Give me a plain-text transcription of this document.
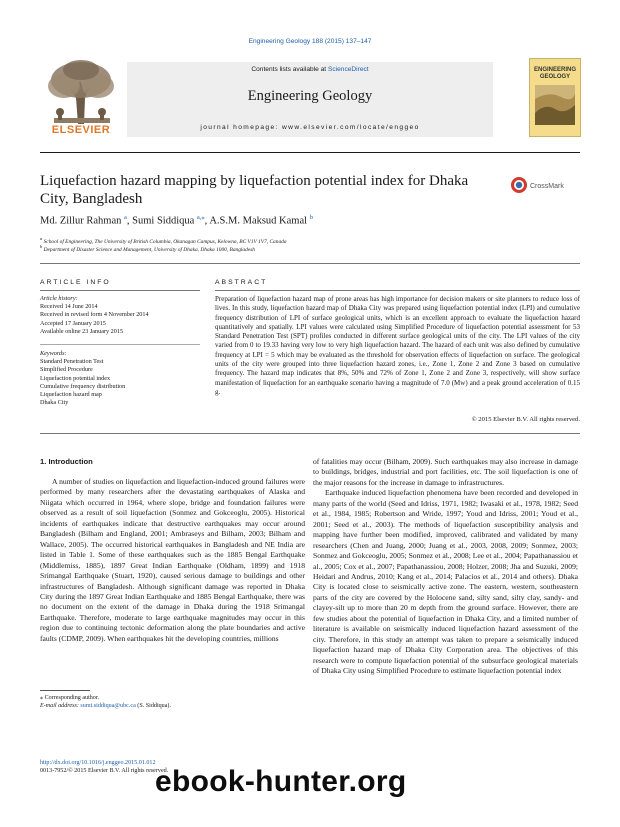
Engineering Geology 188 (2015) 137–147
ELSEVIER
Contents lists available at ScienceDirect
Engineering Geology
journal homepage: www.elsevier.com/locate/enggeo
ENGINEERING GEOLOGY
Liquefaction hazard mapping by liquefaction potential index for Dhaka City, Bangladesh
CrossMark
Md. Zillur Rahman $^a$, Sumi Siddiqua $^{a,⁎}$, A.S.M. Maksud Kamal $^b$
$^a$ School of Engineering, The University of British Columbia, Okanagan Campus, Kelowna, BC V1V 1V7, Canada
$^b$ Department of Disaster Science and Management, University of Dhaka, Dhaka 1000, Bangladesh
ARTICLE INFO	ABSTRACT
Article history:
Received 14 June 2014
Received in revised form 4 November 2014
Accepted 17 January 2015
Available online 23 January 2015
Keywords:
Standard Penetration Test
Simplified Procedure
Liquefaction potential index
Cumulative frequency distribution
Liquefaction hazard map
Dhaka City
Preparation of liquefaction hazard map of prone areas has high importance for decision makers or site planners to reduce loss of lives. In this study, liquefaction hazard map of Dhaka City was prepared using liquefaction potential index (LPI) and cumulative frequency distribution of LPI of surface geological units, which is an excellent approach to evaluate the liquefaction hazard quantitatively and spatially. LPI values were calculated using Simplified Procedure of liquefaction potential assessment for 53 Standard Penetration Test (SPT) profiles conducted in different surface geological units of the city. The LPI values of the city varied from 0 to 19.33 having very low to very high liquefaction hazard. The hazard of each unit was also defined by cumulative frequency at LPI = 5 which may be evaluated as the threshold for observation effects of liquefaction on surface. The geological units of the city were grouped into three liquefaction hazard zones, i.e., Zone 1, Zone 2 and Zone 3 based on cumulative frequency. The hazard map indicates that 8%, 50% and 72% of Zone 1, Zone 2 and Zone 3, respectively, will show surface manifestation of liquefaction for an earthquake scenario having a magnitude of 7.0 (Mw) and a peak ground acceleration of 0.15 g.
© 2015 Elsevier B.V. All rights reserved.
1. Introduction

A number of studies on liquefaction and liquefaction-induced ground failures were performed by many researchers after the devastating earthquakes of Alaska and Niigata which occurred in 1964, where slope, bridge and foundation failures were observed as a result of soil liquefaction (Sonmez and Gokceoglu, 2005). Historical incidents of earthquakes indicate that destructive earthquakes may occur around Bangladesh (Bilham and England, 2001; Ambraseys and Bilham, 2003; Bilham and Wallace, 2005). The occurred historical earthquakes in Bangladesh and NE India are listed in Table 1. Some of these earthquakes such as the 1885 Bengal Earthquake (Middlemiss, 1885), 1897 Great Indian Earthquake (Oldham, 1899) and 1918 Srimangal Earthquake (Stuart, 1920), caused serious damage to buildings and other infrastructures of Bangladesh. Although significant damage was reported in Dhaka City during the 1897 Great Indian Earthquake and 1885 Bengal Earthquake, there was no document on the extent of the damage in Dhaka during the 1918 Srimangal Earthquake. Therefore, moderate to large earthquake magnitudes may occur in this region due to continuing tectonic deformation along the plate boundaries and active faults (CDMP, 2009). When earthquakes hit the developing countries, millions

of fatalities may occur (Bilham, 2009). Such earthquakes may also increase in damage to buildings, bridges, industrial and port facilities, etc. The soil liquefaction is one of the major reasons for the increase in damage to infrastructures.

Earthquake induced liquefaction phenomena have been recorded and developed in many parts of the world (Seed and Idriss, 1971, 1982; Iwasaki et al., 1978, 1982; Seed et al., 1984, 1985; Robertson and Wride, 1997; Youd and Idriss, 2001; Youd et al., 2001; Seed et al., 2003). The methods of liquefaction susceptibility analysis and mapping have further been modified, improved, calibrated and validated by many researchers (Chen and Juang, 2000; Juang et al., 2003, 2008, 2009; Sonmez, 2003; Sonmez and Gokceoglu, 2005; Sonmez et al., 2008; Lee et al., 2004; Papathanassiou et al., 2005; Cox et al., 2007; Papathanassiou, 2008; Holzer, 2008; Jha and Suzuki, 2009; Heidari and Andrus, 2010; Kang et al., 2014; Palacios et al., 2014 and others). Dhaka City is located close to seismically active zone. The eastern, western, southeastern parts of the city are covered by the Holocene sand, silty sand, silty clay, sandy- and clayey-silt up to more than 20 m depth from the ground surface. However, there are few studies about the potential of liquefaction in Dhaka City, and a limited number of literature is available on seismically induced liquefaction hazard assessment of the city. Therefore, in this study an attempt was taken to prepare a seismically induced liquefaction hazard map of Dhaka City Corporation area. The objectives of this research were to compute liquefaction potential of the subsurface geological materials of Dhaka City using Simplified Procedure to estimate liquefaction potential index

⁎ Corresponding author.
E-mail address: sumi.siddiqua@ubc.ca (S. Siddiqua).
http://dx.doi.org/10.1016/j.enggeo.2015.01.012
0013-7952/© 2015 Elsevier B.V. All rights reserved.
ebook-hunter.org
